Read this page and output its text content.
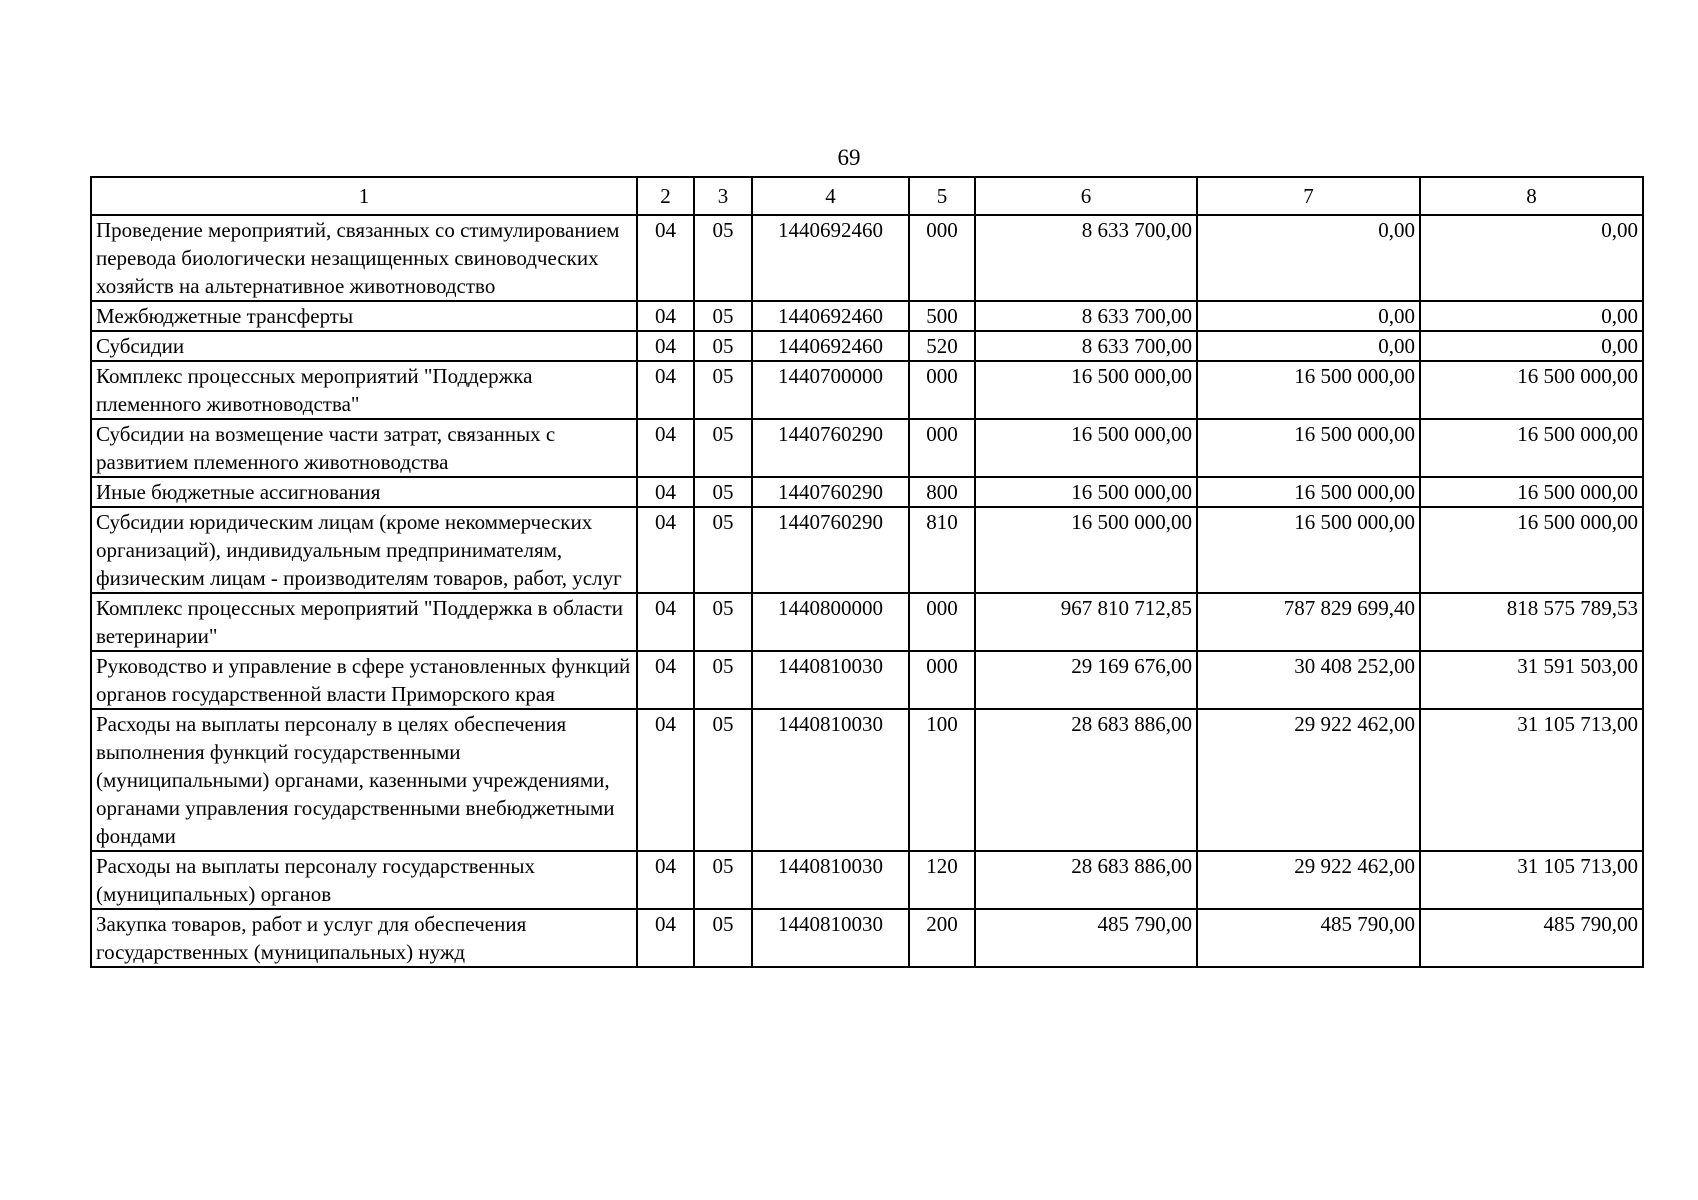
69
1	2	3	4	5	6	7	8
Проведение мероприятий, связанных со стимулированием перевода биологически незащищенных свиноводческих хозяйств на альтернативное животноводство	04	05	1440692460	000	8 633 700,00	0,00	0,00
Межбюджетные трансферты	04	05	1440692460	500	8 633 700,00	0,00	0,00
Субсидии	04	05	1440692460	520	8 633 700,00	0,00	0,00
Комплекс процессных мероприятий "Поддержка племенного животноводства"	04	05	1440700000	000	16 500 000,00	16 500 000,00	16 500 000,00
Субсидии на возмещение части затрат, связанных с развитием племенного животноводства	04	05	1440760290	000	16 500 000,00	16 500 000,00	16 500 000,00
Иные бюджетные ассигнования	04	05	1440760290	800	16 500 000,00	16 500 000,00	16 500 000,00
Субсидии юридическим лицам (кроме некоммерческих организаций), индивидуальным предпринимателям, физическим лицам - производителям товаров, работ, услуг	04	05	1440760290	810	16 500 000,00	16 500 000,00	16 500 000,00
Комплекс процессных мероприятий "Поддержка в области ветеринарии"	04	05	1440800000	000	967 810 712,85	787 829 699,40	818 575 789,53
Руководство и управление в сфере установленных функций органов государственной власти Приморского края	04	05	1440810030	000	29 169 676,00	30 408 252,00	31 591 503,00
Расходы на выплаты персоналу в целях обеспечения выполнения функций государственными (муниципальными) органами, казенными учреждениями, органами управления государственными внебюджетными фондами	04	05	1440810030	100	28 683 886,00	29 922 462,00	31 105 713,00
Расходы на выплаты персоналу государственных (муниципальных) органов	04	05	1440810030	120	28 683 886,00	29 922 462,00	31 105 713,00
Закупка товаров, работ и услуг для обеспечения государственных (муниципальных) нужд	04	05	1440810030	200	485 790,00	485 790,00	485 790,00
